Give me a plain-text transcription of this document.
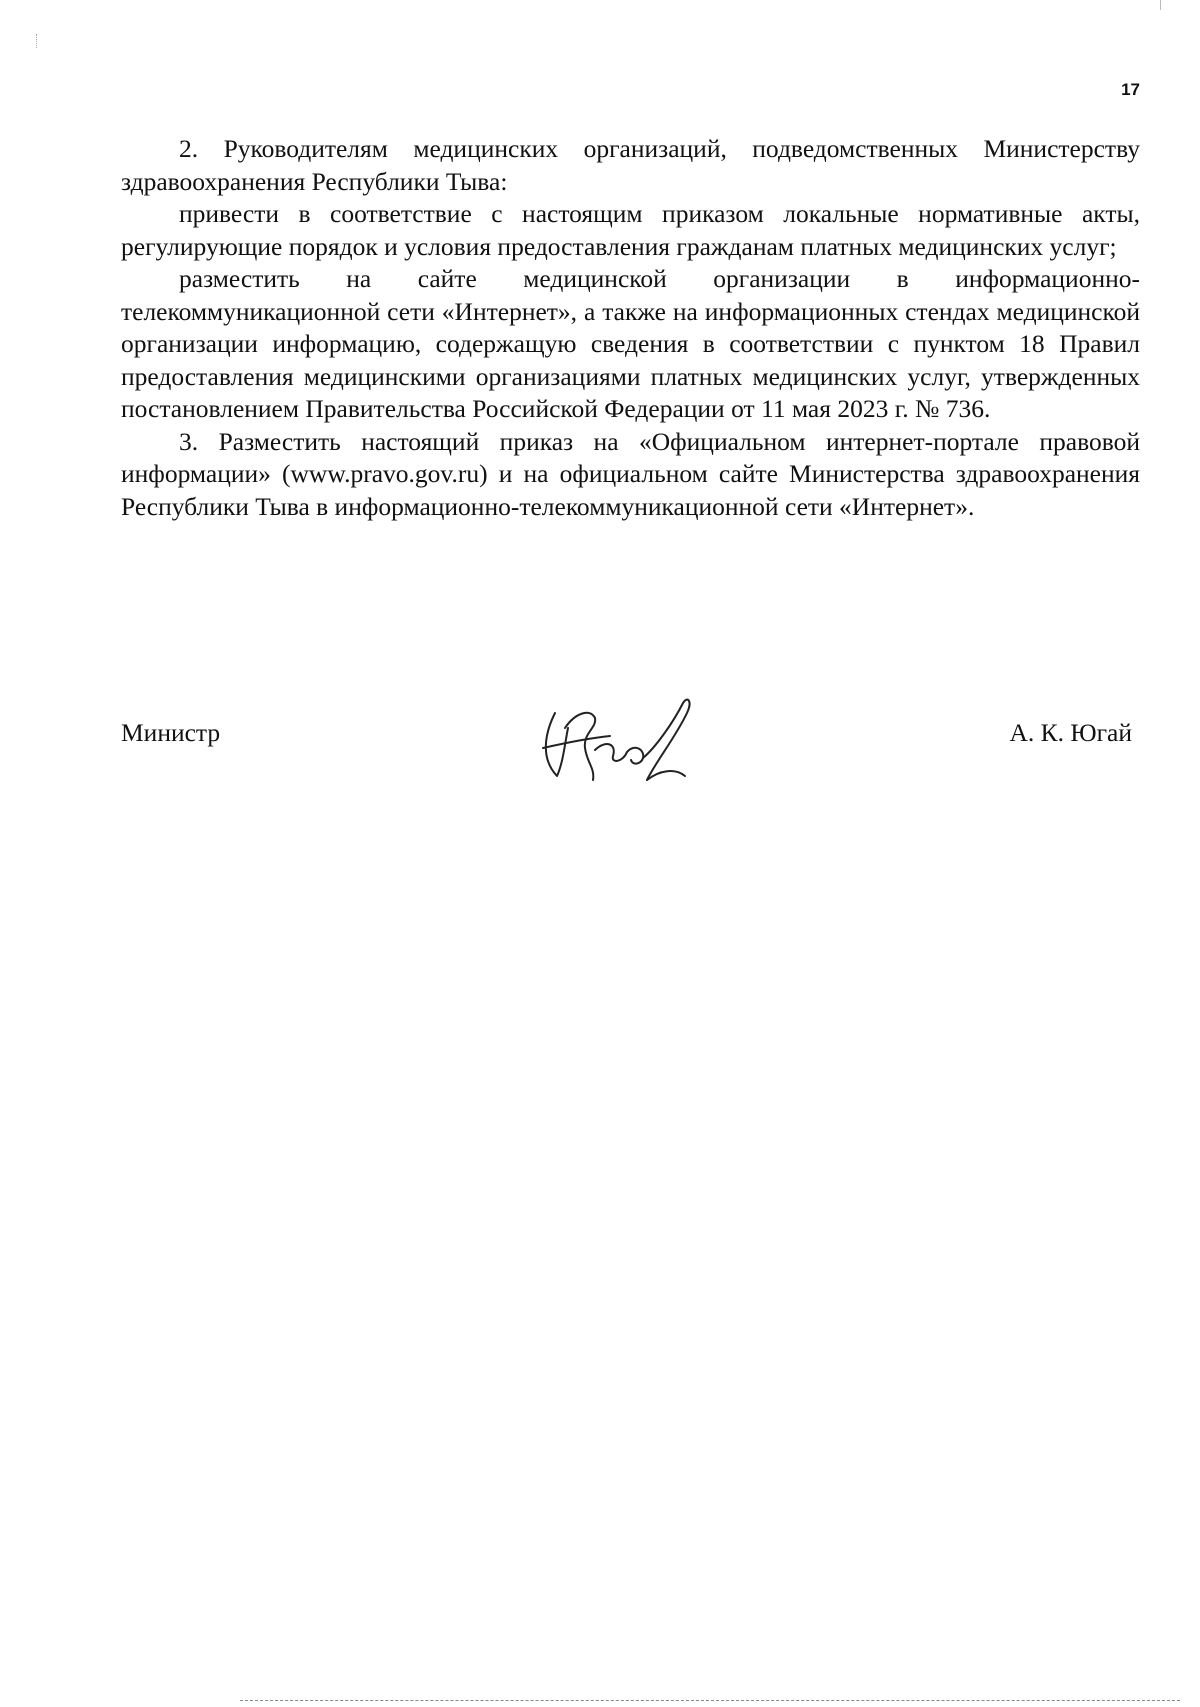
17

2. Руководителям медицинских организаций, подведомственных Министерству здравоохранения Республики Тыва:

привести в соответствие с настоящим приказом локальные нормативные акты, регулирующие порядок и условия предоставления гражданам платных медицинских услуг;

разместить на сайте медицинской организации в информационно-телекоммуникационной сети «Интернет», а также на информационных стендах медицинской организации информацию, содержащую сведения в соответствии с пунктом 18 Правил предоставления медицинскими организациями платных медицинских услуг, утвержденных постановлением Правительства Российской Федерации от 11 мая 2023 г. № 736.

3. Разместить настоящий приказ на «Официальном интернет-портале правовой информации» (www.pravo.gov.ru) и на официальном сайте Министерства здравоохранения Республики Тыва в информационно-телекоммуникационной сети «Интернет».

Министр	А. К. Югай
